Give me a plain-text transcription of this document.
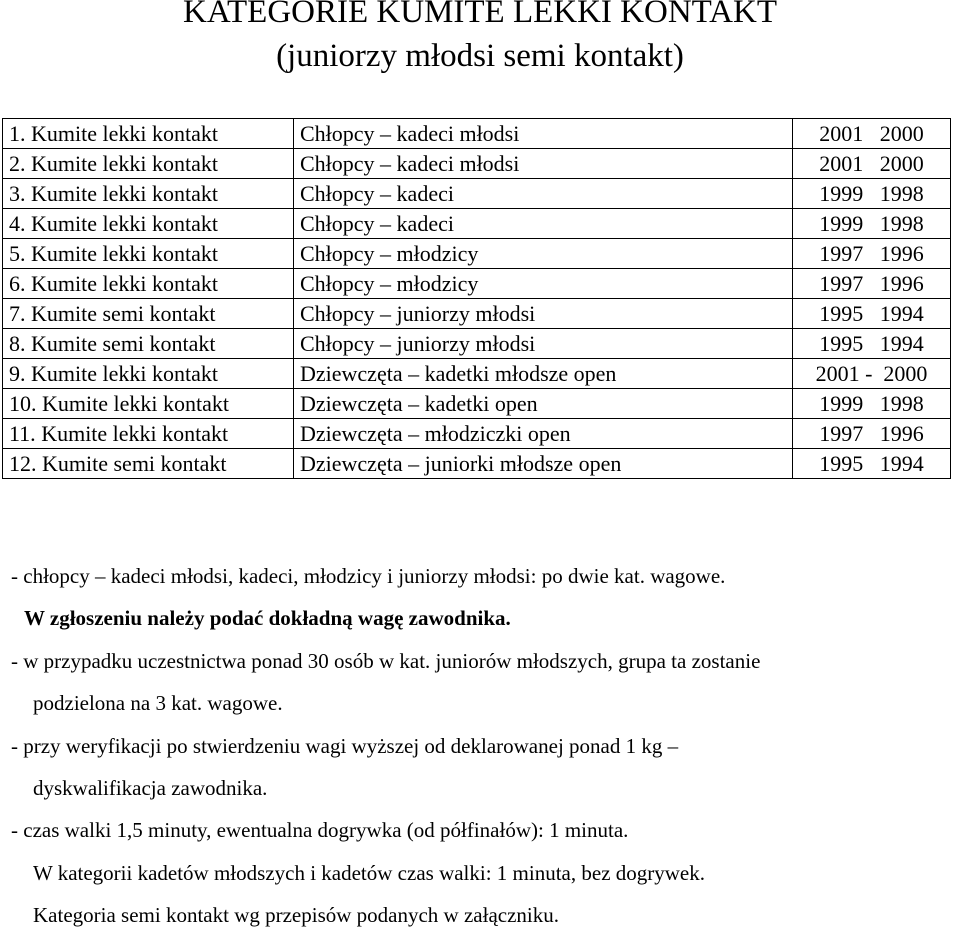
KATEGORIE KUMITE LEKKI KONTAKT
(juniorzy młodsi semi kontakt)
1. Kumite lekki kontakt	Chłopcy – kadeci młodsi	2001   2000
2. Kumite lekki kontakt	Chłopcy – kadeci młodsi	2001   2000
3. Kumite lekki kontakt	Chłopcy – kadeci	1999   1998
4. Kumite lekki kontakt	Chłopcy – kadeci	1999   1998
5. Kumite lekki kontakt	Chłopcy – młodzicy	1997   1996
6. Kumite lekki kontakt	Chłopcy – młodzicy	1997   1996
7. Kumite semi kontakt	Chłopcy – juniorzy młodsi	1995   1994
8. Kumite semi kontakt	Chłopcy – juniorzy młodsi	1995   1994
9. Kumite lekki kontakt	Dziewczęta – kadetki młodsze open	2001 -  2000
10. Kumite lekki kontakt	Dziewczęta – kadetki open	1999   1998
11. Kumite lekki kontakt	Dziewczęta – młodziczki open	1997   1996
12. Kumite semi kontakt	Dziewczęta – juniorki młodsze open	1995   1994

- chłopcy – kadeci młodsi, kadeci, młodzicy i juniorzy młodsi: po dwie kat. wagowe.

W zgłoszeniu należy podać dokładną wagę zawodnika.

- w przypadku uczestnictwa ponad 30 osób w kat. juniorów młodszych, grupa ta zostanie

podzielona na 3 kat. wagowe.

- przy weryfikacji po stwierdzeniu wagi wyższej od deklarowanej ponad 1 kg –

dyskwalifikacja zawodnika.

- czas walki 1,5 minuty, ewentualna dogrywka (od półfinałów): 1 minuta.

W kategorii kadetów młodszych i kadetów czas walki: 1 minuta, bez dogrywek.

Kategoria semi kontakt wg przepisów podanych w załączniku.
